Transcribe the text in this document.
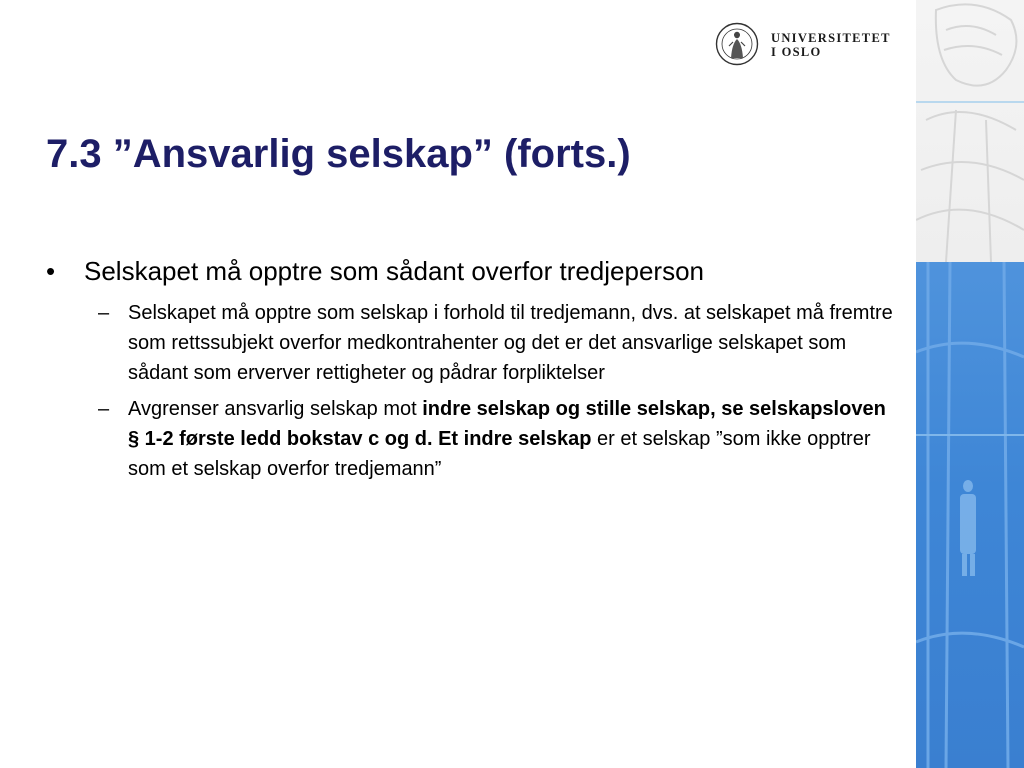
UNIVERSITETET
I OSLO
7.3 ”Ansvarlig selskap” (forts.)
• Selskapet må opptre som sådant overfor tredjeperson
– Selskapet må opptre som selskap i forhold til tredjemann, dvs. at selskapet må fremtre som rettssubjekt overfor medkontrahenter og det er det ansvarlige selskapet som sådant som erverver rettigheter og pådrar forpliktelser
– Avgrenser ansvarlig selskap mot indre selskap og stille selskap, se selskapsloven § 1-2 første ledd bokstav c og d. Et indre selskap er et selskap ”som ikke opptrer som et selskap overfor tredjemann”
